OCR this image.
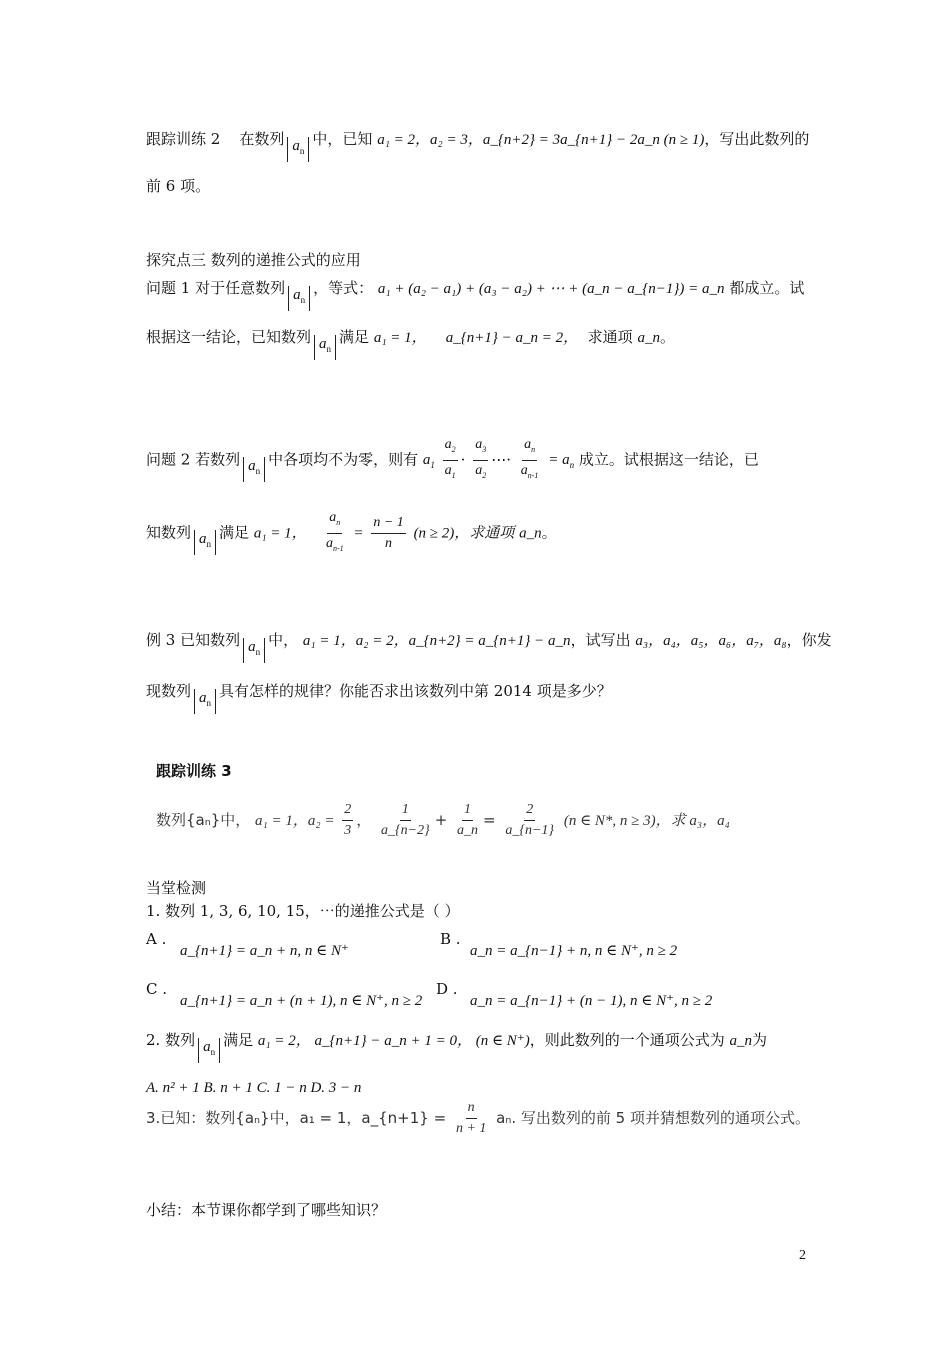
跟踪训练 2 在数列 $a_n$中，已知 a₁ = 2，a₂ = 3，a_{n+2} = 3a_{n+1} − 2a_n (n ≥ 1)，写出此数列的
前 6 项。
探究点三 数列的递推公式的应用
问题 1 对于任意数列 $a_n$，等式： a₁ + (a₂ − a₁) + (a₃ − a₂) + ⋯ + (a_n − a_{n−1}) = a_n 都成立。试
根据这一结论，已知数列 $a_n$满足 a₁ = 1， a_{n+1} − a_n = 2， 求通项 a_n。
问题 2 若数列 $a_n$中各项均不为零，则有 $a_1 \frac{a_2}{a_1} \cdot \frac{a_3}{a_2}$ ⋯· $\frac{a_n}{a_{n-1}} = a_n$ 成立。试根据这一结论，已
知数列 $a_n$满足 a₁ = 1， $\frac{a_n}{a_{n-1}} = \frac{n - 1}{n} (n \ge 2)$，求通项 a_n。
例 3 已知数列 $a_n$中， a₁ = 1，a₂ = 2，a_{n+2} = a_{n+1} − a_n，试写出 a₃，a₄，a₅，a₆，a₇，a₈，你发
现数列 $a_n$具有怎样的规律？你能否求出该数列中第 2014 项是多少？
跟踪训练 3
数列{aₙ}中， a₁ = 1，$a_2 = \frac{2}{3}$ ， $\frac{1}{a\_\{n-2\}} + \frac{1}{a\_n} = \frac{2}{a\_\{n-1\}} (n$ ∈ N*, n ≥ 3)，求 a₃，a₄
当堂检测
1. 数列 1, 3, 6, 10, 15，⋯的递推公式是（ ）
A .
a_{n+1} = a_n + n, n ∈ N⁺
B .
a_n = a_{n−1} + n, n ∈ N⁺, n ≥ 2
C .
a_{n+1} = a_n + (n + 1), n ∈ N⁺, n ≥ 2
D .
a_n = a_{n−1} + (n − 1), n ∈ N⁺, n ≥ 2
2. 数列 $a_n$满足 a₁ = 2， a_{n+1} − a_n + 1 = 0， (n ∈ N⁺)，则此数列的一个通项公式为 a_n为
A. n² + 1 B. n + 1 C. 1 − n D. 3 − n
3.已知：数列{aₙ}中，a₁ = 1，a_{n+1} = $\frac{n}{n + 1} a_n$. 写出数列的前 5 项并猜想数列的通项公式。
小结：本节课你都学到了哪些知识？
2
